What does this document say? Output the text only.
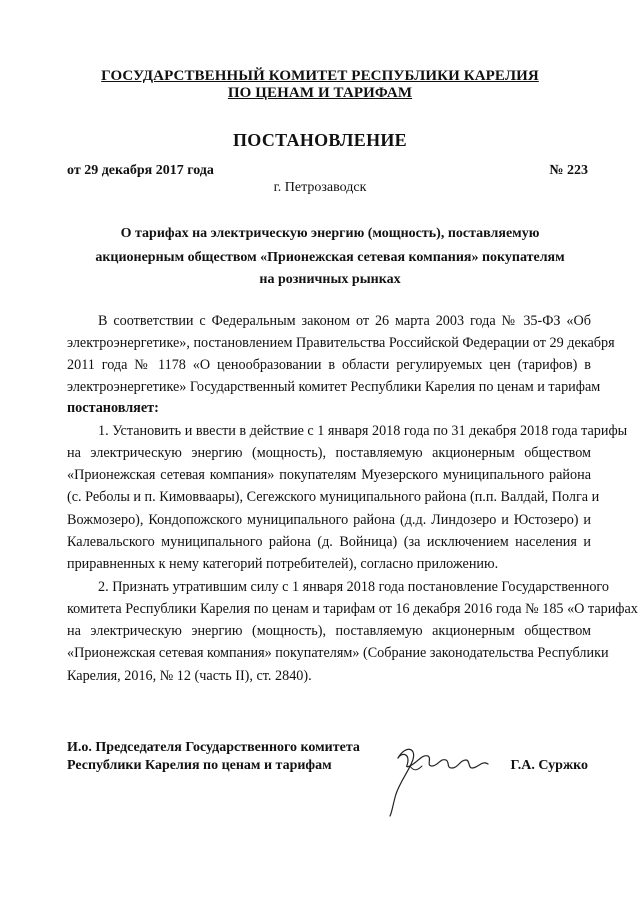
ГОСУДАРСТВЕННЫЙ КОМИТЕТ РЕСПУБЛИКИ КАРЕЛИЯ
ПО ЦЕНАМ И ТАРИФАМ
ПОСТАНОВЛЕНИЕ
от 29 декабря 2017 года	№ 223
г. Петрозаводск
О тарифах на электрическую энергию (мощность), поставляемую
акционерным обществом «Прионежская сетевая компания» покупателям
на розничных рынках
В соответствии с Федеральным законом от 26 марта 2003 года № 35-ФЗ «Об
электроэнергетике», постановлением Правительства Российской Федерации от 29 декабря
2011 года № 1178 «О ценообразовании в области регулируемых цен (тарифов) в
электроэнергетике» Государственный комитет Республики Карелия по ценам и тарифам
постановляет:
1. Установить и ввести в действие с 1 января 2018 года по 31 декабря 2018 года тарифы
на электрическую энергию (мощность), поставляемую акционерным обществом
«Прионежская сетевая компания» покупателям Муезерского муниципального района
(с. Реболы и п. Кимовваары), Сегежского муниципального района (п.п. Валдай, Полга и
Вожмозеро), Кондопожского муниципального района (д.д. Линдозеро и Юстозеро) и
Калевальского муниципального района (д. Войница) (за исключением населения и
приравненных к нему категорий потребителей), согласно приложению.
2. Признать утратившим силу с 1 января 2018 года постановление Государственного
комитета Республики Карелия по ценам и тарифам от 16 декабря 2016 года № 185 «О тарифах
на электрическую энергию (мощность), поставляемую акционерным обществом
«Прионежская сетевая компания» покупателям» (Собрание законодательства Республики
Карелия, 2016, № 12 (часть II), ст. 2840).
И.о. Председателя Государственного комитета
Республики Карелия по ценам и тарифам	Г.А. Суржко
